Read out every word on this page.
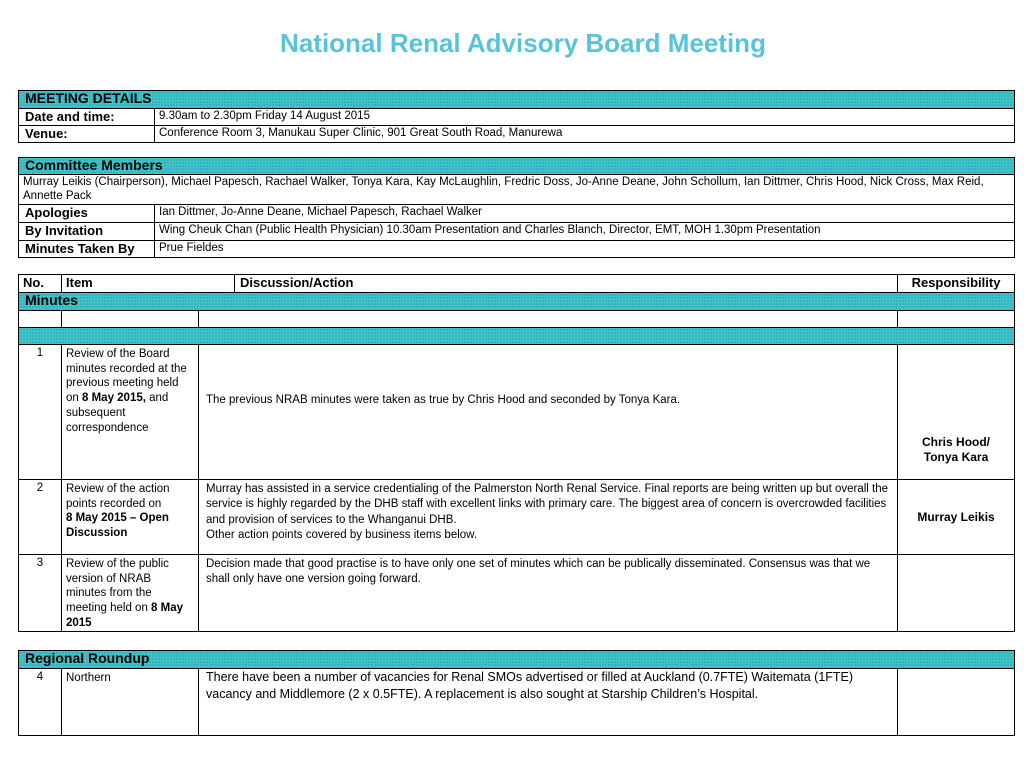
National Renal Advisory Board Meeting
MEETING DETAILS	
Date and time:	9.30am to 2.30pm Friday 14 August 2015
Venue:	Conference Room 3, Manukau Super Clinic, 901 Great South Road, Manurewa
Committee Members	
Murray Leikis (Chairperson), Michael Papesch, Rachael Walker, Tonya Kara, Kay McLaughlin, Fredric Doss, Jo-Anne Deane, John Schollum, Ian Dittmer, Chris Hood, Nick Cross, Max Reid, Annette Pack	
Apologies	Ian Dittmer, Jo-Anne Deane, Michael Papesch, Rachael Walker
By Invitation	Wing Cheuk Chan (Public Health Physician) 10.30am Presentation and Charles Blanch, Director, EMT, MOH 1.30pm Presentation
Minutes Taken By	Prue Fieldes
No.	Item		Discussion/Action	Responsibility
Minutes				

1	Review of the Board minutes recorded at the previous meeting held on 8 May 2015, and subsequent correspondence	The previous NRAB minutes were taken as true by Chris Hood and seconded by Tonya Kara.		Chris Hood/
Tonya Kara
2	Review of the action points recorded on
8 May 2015 – Open Discussion	Murray has assisted in a service credentialing of the Palmerston North Renal Service. Final reports are being written up but overall the service is highly regarded by the DHB staff with excellent links with primary care. The biggest area of concern is overcrowded facilities and provision of services to the Whanganui DHB.
Other action points covered by business items below.		Murray Leikis
3	Review of the public version of NRAB minutes from the meeting held on 8 May 2015	Decision made that good practise is to have only one set of minutes which can be publically disseminated. Consensus was that we shall only have one version going forward.		
Regional Roundup
4	Northern	There have been a number of vacancies for Renal SMOs advertised or filled at Auckland (0.7FTE) Waitemata (1FTE) vacancy and Middlemore (2 x 0.5FTE). A replacement is also sought at Starship Children’s Hospital.	
